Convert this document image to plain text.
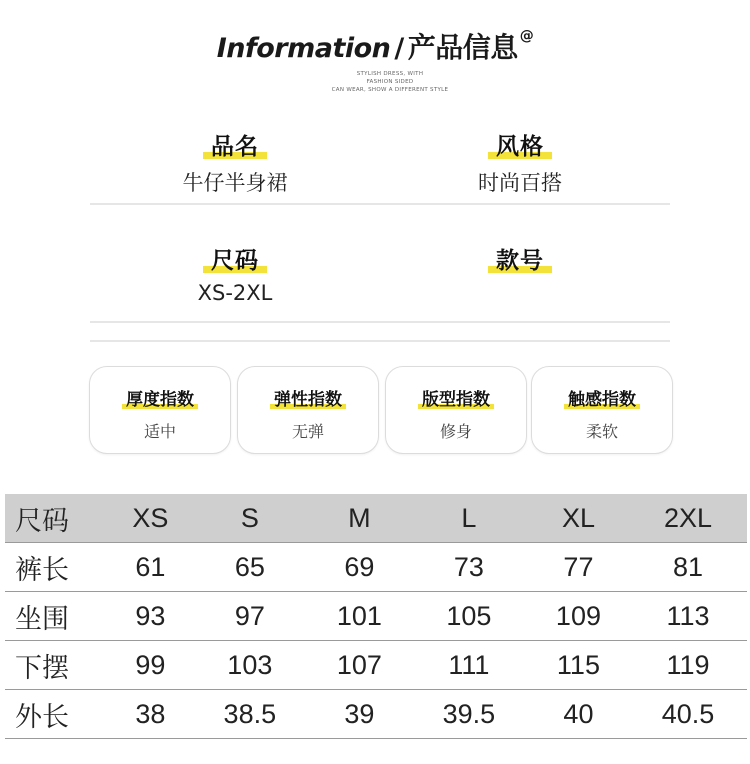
Information / 产品信息 @
STYLISH DRESS, WITH
FASHION SIDED
CAN WEAR, SHOW A DIFFERENT STYLE
品名
牛仔半身裙
风格
时尚百搭
尺码
XS-2XL
款号
厚度指数
适中
弹性指数
无弹
版型指数
修身
触感指数
柔软
尺码	XS	S	M	L	XL	2XL
裤长	61	65	69	73	77	81
坐围	93	97	101	105	109	113
下摆	99	103	107	111	115	119
外长	38	38.5	39	39.5	40	40.5
